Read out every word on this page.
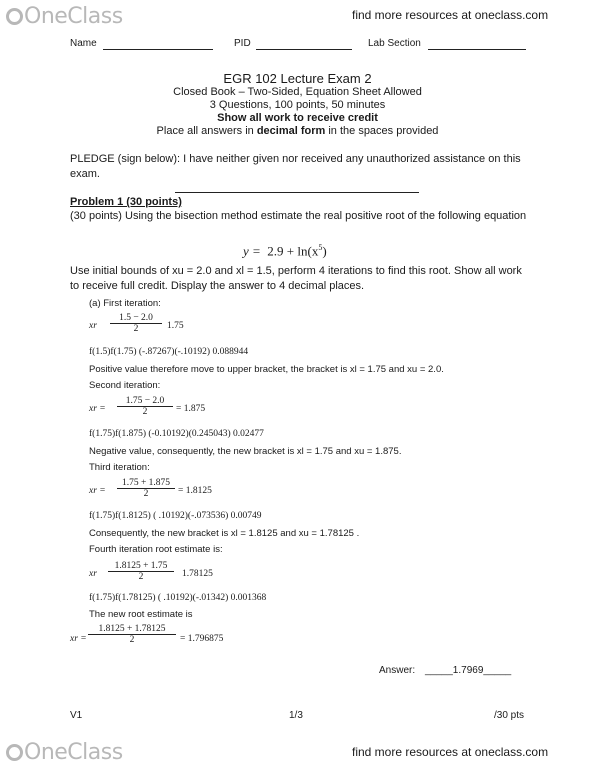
OneClass	find more resources at oneclass.com
Name	PID	Lab Section
EGR 102 Lecture Exam 2
Closed Book – Two-Sided, Equation Sheet Allowed
3 Questions, 100 points, 50 minutes
Show all work to receive credit
Place all answers in decimal form in the spaces provided
PLEDGE (sign below): I have neither given nor received any unauthorized assistance on this exam.
Problem 1 (30 points)
(30 points) Using the bisection method estimate the real positive root of the following equation
$y = 2.9 + \ln(x^5)$
Use initial bounds of xu = 2.0 and xl = 1.5, perform 4 iterations to find this root. Show all work to receive full credit. Display the answer to 4 decimal places.
(a) First iteration:
xr $\frac{1.5 - 2.0}{2} 1.75$
f(1.5)f(1.75) (-.87267)(-.10192) 0.088944
Positive value therefore move to upper bracket, the bracket is xl = 1.75 and xu = 2.0.
Second iteration:
xr = $\frac{1.75 - 2.0}{2} = 1.875$
f(1.75)f(1.875) (-0.10192)(0.245043) 0.02477
Negative value, consequently, the new bracket is xl = 1.75 and xu = 1.875.
Third iteration:
xr = $\frac{1.75 + 1.875}{2} = 1.8125$
f(1.75)f(1.8125) ( .10192)(-.073536) 0.00749
Consequently, the new bracket is xl = 1.8125 and xu = 1.78125 .
Fourth iteration root estimate is:
xr $\frac{1.8125 + 1.75}{2} 1.78125$
f(1.75)f(1.78125) ( .10192)(-.01342) 0.001368
The new root estimate is
xr = $\frac{1.8125 + 1.78125}{2} = 1.796875$
Answer: _____1.7969_____
V1	1/3	/30 pts
OneClass	find more resources at oneclass.com
